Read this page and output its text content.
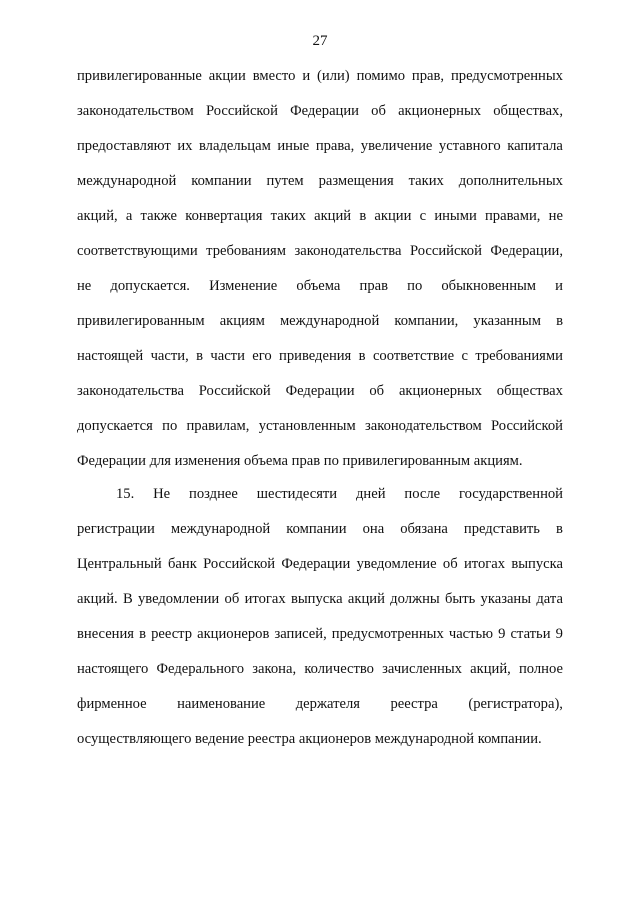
27
привилегированные акции вместо и (или) помимо прав, предусмотренных
законодательством Российской Федерации об акционерных обществах,
предоставляют их владельцам иные права, увеличение уставного капитала
международной компании путем размещения таких дополнительных
акций, а также конвертация таких акций в акции с иными правами, не
соответствующими требованиям законодательства Российской Федерации,
не допускается. Изменение объема прав по обыкновенным и
привилегированным акциям международной компании, указанным в
настоящей части, в части его приведения в соответствие с требованиями
законодательства Российской Федерации об акционерных обществах
допускается по правилам, установленным законодательством Российской
Федерации для изменения объема прав по привилегированным акциям.
15. Не позднее шестидесяти дней после государственной
регистрации международной компании она обязана представить в
Центральный банк Российской Федерации уведомление об итогах выпуска
акций. В уведомлении об итогах выпуска акций должны быть указаны дата
внесения в реестр акционеров записей, предусмотренных частью 9 статьи 9
настоящего Федерального закона, количество зачисленных акций, полное
фирменное наименование держателя реестра (регистратора),
осуществляющего ведение реестра акционеров международной компании.
